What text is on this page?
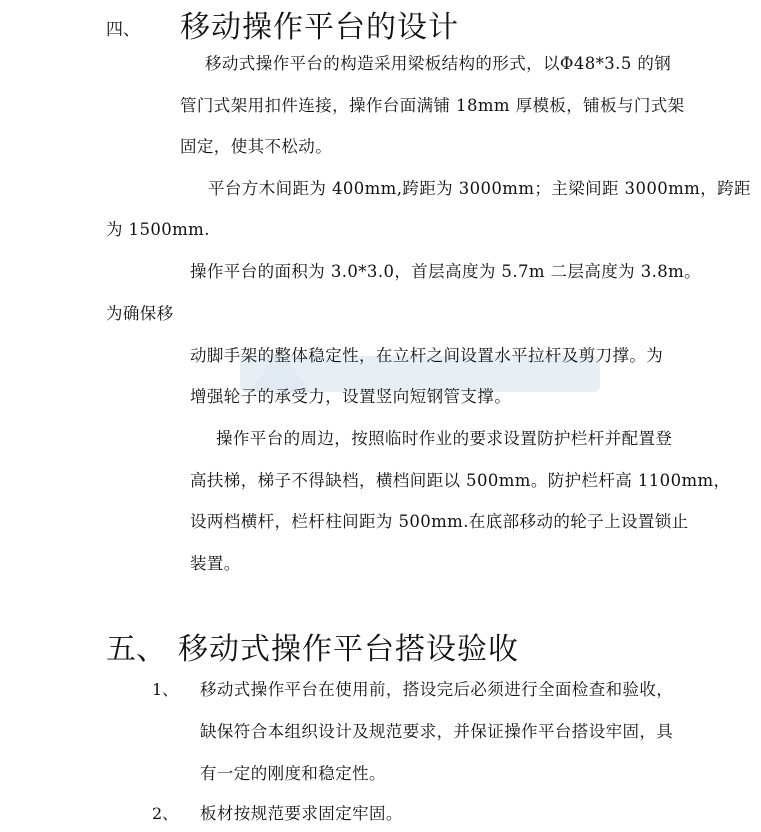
四、 移动操作平台的设计
移动式操作平台的构造采用梁板结构的形式，以Φ48*3.5 的钢
管门式架用扣件连接，操作台面满铺 18mm 厚模板，铺板与门式架
固定，使其不松动。
平台方木间距为 400mm,跨距为 3000mm；主梁间距 3000mm，跨距
为 1500mm.
操作平台的面积为 3.0*3.0，首层高度为 5.7m 二层高度为 3.8m。
为确保移
动脚手架的整体稳定性，在立杆之间设置水平拉杆及剪刀撑。为
增强轮子的承受力，设置竖向短钢管支撑。
操作平台的周边，按照临时作业的要求设置防护栏杆并配置登
高扶梯，梯子不得缺档，横档间距以 500mm。防护栏杆高 1100mm，
设两档横杆，栏杆柱间距为 500mm.在底部移动的轮子上设置锁止
装置。
五、 移动式操作平台搭设验收
1、 移动式操作平台在使用前，搭设完后必须进行全面检查和验收，
缺保符合本组织设计及规范要求，并保证操作平台搭设牢固，具
有一定的刚度和稳定性。
2、 板材按规范要求固定牢固。
